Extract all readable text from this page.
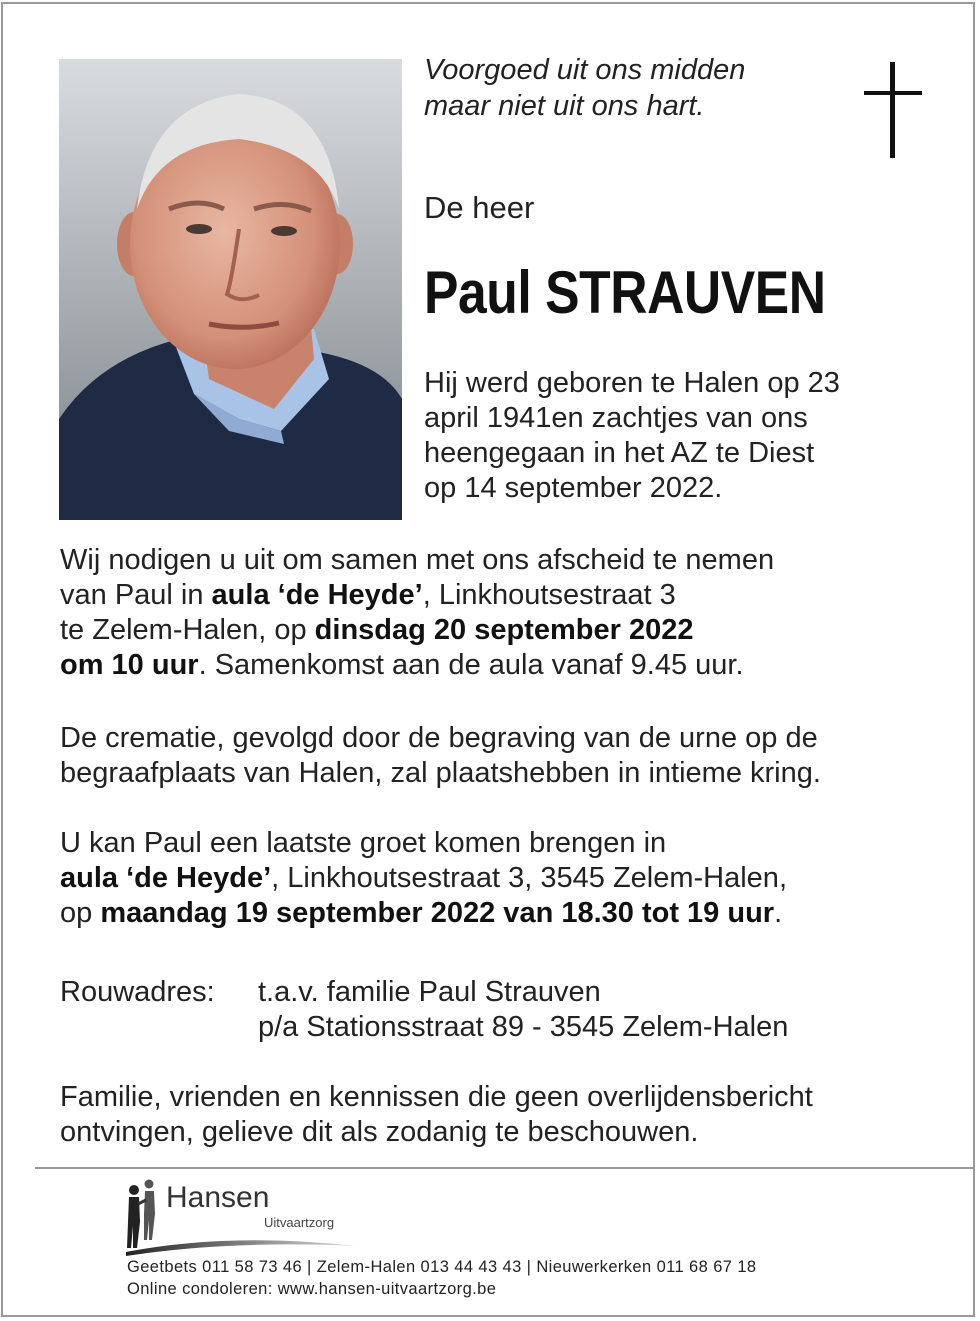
Voorgoed uit ons midden
maar niet uit ons hart.
De heer
Paul STRAUVEN
Hij werd geboren te Halen op 23
april 1941en zachtjes van ons
heengegaan in het AZ te Diest
op 14 september 2022.
Wij nodigen u uit om samen met ons afscheid te nemen
van Paul in aula ‘de Heyde’, Linkhoutsestraat 3
te Zelem-Halen, op dinsdag 20 september 2022
om 10 uur. Samenkomst aan de aula vanaf 9.45 uur.
De crematie, gevolgd door de begraving van de urne op de
begraafplaats van Halen, zal plaatshebben in intieme kring.
U kan Paul een laatste groet komen brengen in
aula ‘de Heyde’, Linkhoutsestraat 3, 3545 Zelem-Halen,
op maandag 19 september 2022 van 18.30 tot 19 uur.
Rouwadres: t.a.v. familie Paul Strauven
p/a Stationsstraat 89 - 3545 Zelem-Halen
Familie, vrienden en kennissen die geen overlijdensbericht
ontvingen, gelieve dit als zodanig te beschouwen.
Hansen
Uitvaartzorg
Geetbets 011 58 73 46 | Zelem-Halen 013 44 43 43 | Nieuwerkerken 011 68 67 18
Online condoleren: www.hansen-uitvaartzorg.be
